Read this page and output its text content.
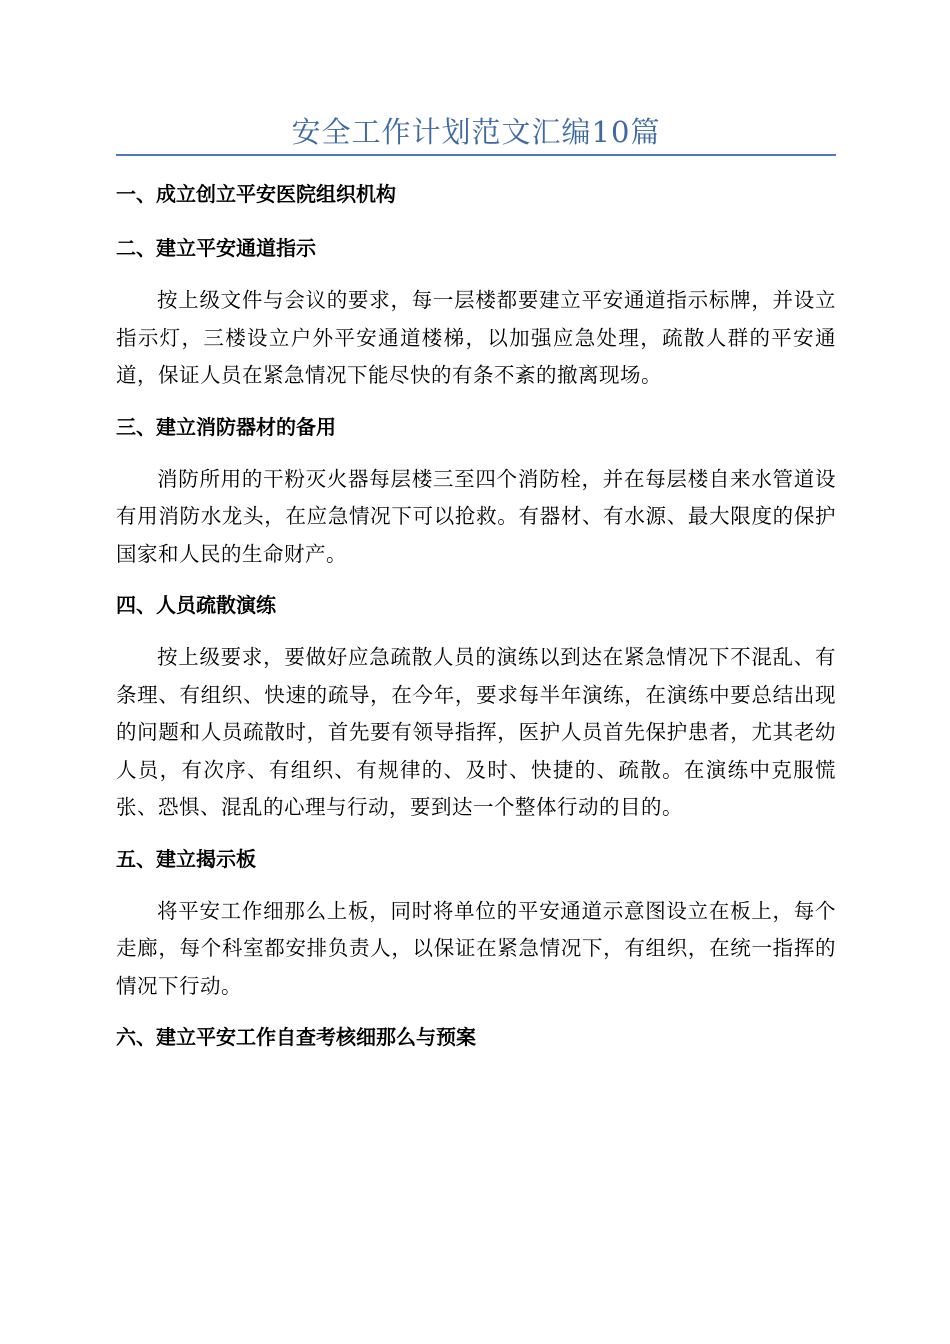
安全工作计划范文汇编10篇
一、成立创立平安医院组织机构
二、建立平安通道指示

按上级文件与会议的要求，每一层楼都要建立平安通道指示标牌，并设立指示灯，三楼设立户外平安通道楼梯，以加强应急处理，疏散人群的平安通道，保证人员在紧急情况下能尽快的有条不紊的撤离现场。

三、建立消防器材的备用

消防所用的干粉灭火器每层楼三至四个消防栓，并在每层楼自来水管道设有用消防水龙头，在应急情况下可以抢救。有器材、有水源、最大限度的保护国家和人民的生命财产。

四、人员疏散演练

按上级要求，要做好应急疏散人员的演练以到达在紧急情况下不混乱、有条理、有组织、快速的疏导，在今年，要求每半年演练，在演练中要总结出现的问题和人员疏散时，首先要有领导指挥，医护人员首先保护患者，尤其老幼人员，有次序、有组织、有规律的、及时、快捷的、疏散。在演练中克服慌张、恐惧、混乱的心理与行动，要到达一个整体行动的目的。

五、建立揭示板

将平安工作细那么上板，同时将单位的平安通道示意图设立在板上，每个走廊，每个科室都安排负责人，以保证在紧急情况下，有组织，在统一指挥的情况下行动。

六、建立平安工作自查考核细那么与预案
